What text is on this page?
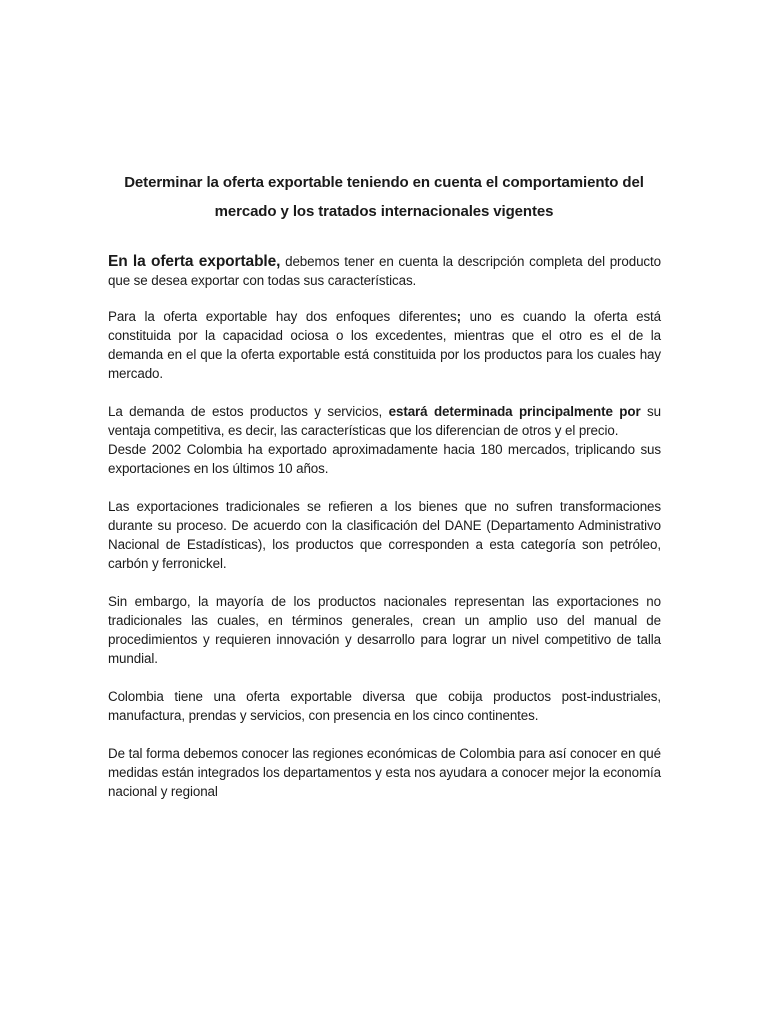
Determinar la oferta exportable teniendo en cuenta el comportamiento del mercado y los tratados internacionales vigentes

En la oferta exportable, debemos tener en cuenta la descripción completa del producto que se desea exportar con todas sus características.

Para la oferta exportable hay dos enfoques diferentes; uno es cuando la oferta está constituida por la capacidad ociosa o los excedentes, mientras que el otro es el de la demanda en el que la oferta exportable está constituida por los productos para los cuales hay mercado.

La demanda de estos productos y servicios, estará determinada principalmente por su ventaja competitiva, es decir, las características que los diferencian de otros y el precio.

Desde 2002 Colombia ha exportado aproximadamente hacia 180 mercados, triplicando sus exportaciones en los últimos 10 años.

Las exportaciones tradicionales se refieren a los bienes que no sufren transformaciones durante su proceso. De acuerdo con la clasificación del DANE (Departamento Administrativo Nacional de Estadísticas), los productos que corresponden a esta categoría son petróleo, carbón y ferronickel.

Sin embargo, la mayoría de los productos nacionales representan las exportaciones no tradicionales las cuales, en términos generales, crean un amplio uso del manual de procedimientos y requieren innovación y desarrollo para lograr un nivel competitivo de talla mundial.

Colombia tiene una oferta exportable diversa que cobija productos post-industriales, manufactura, prendas y servicios, con presencia en los cinco continentes.

De tal forma debemos conocer las regiones económicas de Colombia para así conocer en qué medidas están integrados los departamentos y esta nos ayudara a conocer mejor la economía nacional y regional
